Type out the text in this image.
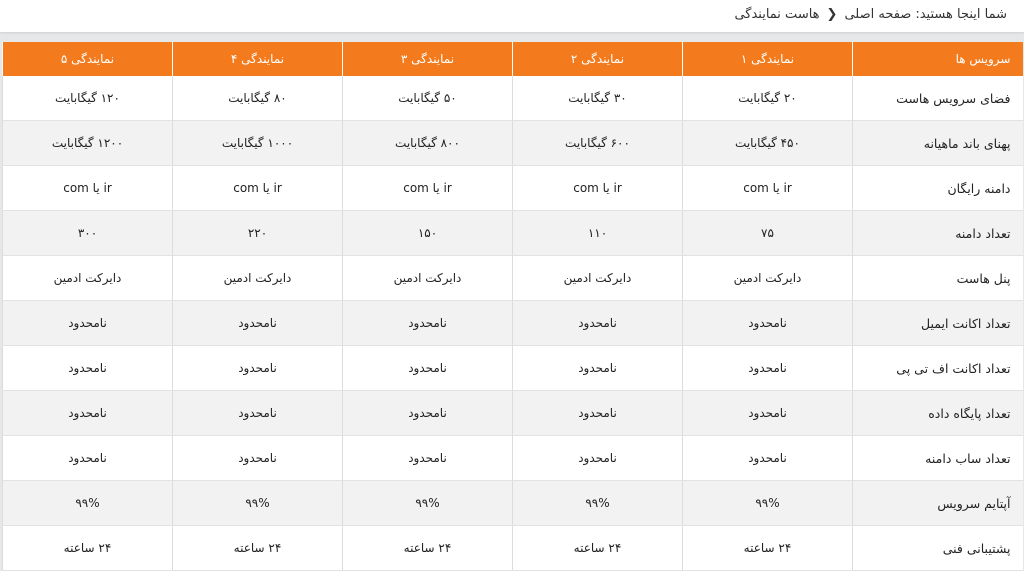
شما اینجا هستید:
صفحه اصلی
❮
هاست نمایندگی
سرویس ها	نمایندگی ۱	نمایندگی ۲	نمایندگی ۳	نمایندگی ۴	نمایندگی ۵
فضای سرویس هاست	۲۰ گیگابایت	۳۰ گیگابایت	۵۰ گیگابایت	۸۰ گیگابایت	۱۲۰ گیگابایت
پهنای باند ماهیانه	۴۵۰ گیگابایت	۶۰۰ گیگابایت	۸۰۰ گیگابایت	۱۰۰۰ گیگابایت	۱۲۰۰ گیگابایت
دامنه رایگان	ir یا com	ir یا com	ir یا com	ir یا com	ir یا com
تعداد دامنه	۷۵	۱۱۰	۱۵۰	۲۲۰	۳۰۰
پنل هاست	دایرکت ادمین	دایرکت ادمین	دایرکت ادمین	دایرکت ادمین	دایرکت ادمین
تعداد اکانت ایمیل	نامحدود	نامحدود	نامحدود	نامحدود	نامحدود
تعداد اکانت اف تی پی	نامحدود	نامحدود	نامحدود	نامحدود	نامحدود
تعداد پایگاه داده	نامحدود	نامحدود	نامحدود	نامحدود	نامحدود
تعداد ساب دامنه	نامحدود	نامحدود	نامحدود	نامحدود	نامحدود
آپتایم سرویس	۹۹%	۹۹%	۹۹%	۹۹%	۹۹%
پشتیبانی فنی	۲۴ ساعته	۲۴ ساعته	۲۴ ساعته	۲۴ ساعته	۲۴ ساعته
